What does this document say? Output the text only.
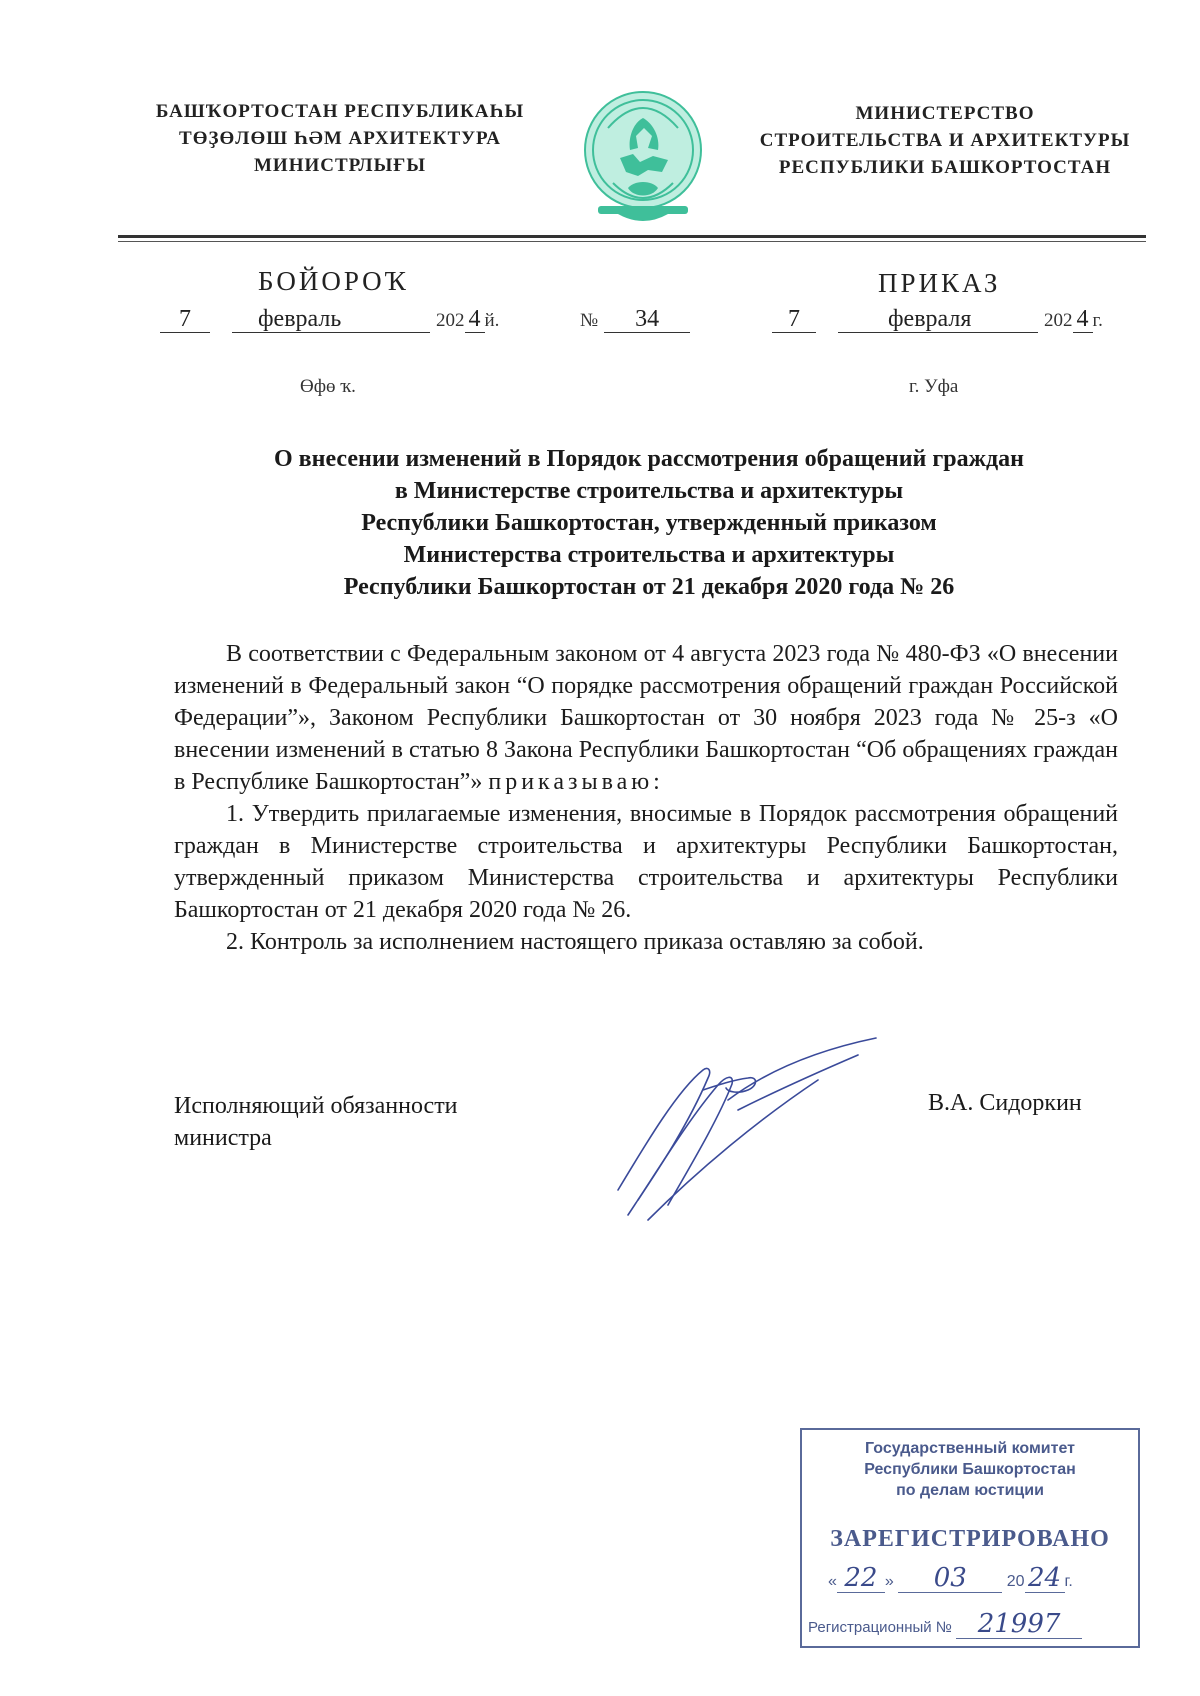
БАШҠОРТОСТАН РЕСПУБЛИКАҺЫ
ТӨҘӨЛӨШ ҺӘМ АРХИТЕКТУРА
МИНИСТРЛЫҒЫ
МИНИСТЕРСТВО
СТРОИТЕЛЬСТВА И АРХИТЕКТУРЫ
РЕСПУБЛИКИ БАШКОРТОСТАН
БОЙОРОҠ	ПРИКАЗ
7	февраль	202 4 й.	№ 34	7	февраля	202 4 г.
Өфө ҡ.	г. Уфа
О внесении изменений в Порядок рассмотрения обращений граждан
в Министерстве строительства и архитектуры
Республики Башкортостан, утвержденный приказом
Министерства строительства и архитектуры
Республики Башкортостан от 21 декабря 2020 года № 26

В соответствии с Федеральным законом от 4 августа 2023 года № 480-ФЗ «О внесении изменений в Федеральный закон “О порядке рассмотрения обращений граждан Российской Федерации”», Законом Республики Башкортостан от 30 ноября 2023 года № 25-з «О внесении изменений в статью 8 Закона Республики Башкортостан “Об обращениях граждан в Республике Башкортостан”» приказываю:

1. Утвердить прилагаемые изменения, вносимые в Порядок рассмотрения обращений граждан в Министерстве строительства и архитектуры Республики Башкортостан, утвержденный приказом Министерства строительства и архитектуры Республики Башкортостан от 21 декабря 2020 года № 26.

2. Контроль за исполнением настоящего приказа оставляю за собой.

Исполняющий обязанности
министра
В.А. Сидоркин
Государственный комитет
Республики Башкортостан
по делам юстиции
ЗАРЕГИСТРИРОВАНО
« 22 » 03 20 24 г.
Регистрационный № 21997
